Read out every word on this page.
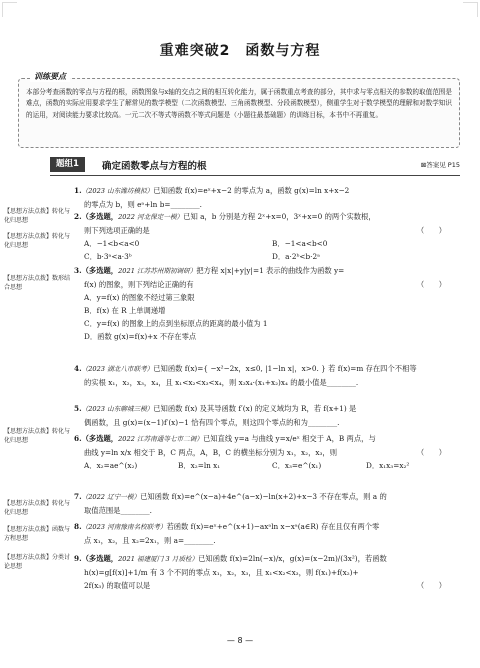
重难突破2　函数与方程
训练要点
本部分考查函数的零点与方程的根，函数图象与x轴的交点之间的相互转化能力，属于函数重点考查的部分，其中求与零点相关的参数的取值范围是难点，函数的实际应用要求学生了解常见的数学模型（二次函数模型、三角函数模型、分段函数模型），侧重学生对于数学模型的理解和对数学知识的运用，对阅读能力要求比较高。一元二次不等式等函数不等式问题是（小题往最基础题）的训练目标，本书中不再重复。
题组1	确定函数零点与方程的根	⊠答案见 P15
【思想方法点拨】转化与化归思想
【思想方法点拨】转化与化归思想
【思想方法点拨】数形结合思想
【思想方法点拨】转化与化归思想
【思想方法点拨】转化与化归思想
【思想方法点拨】函数与方程思想
【思想方法点拨】分类讨论思想
1.（2023 山东潍坊模拟）已知函数 f(x)=eˣ+x−2 的零点为 a，函数 g(x)=ln x+x−2
的零点为 b，则 eᵃ+ln b=________.
2.（多选题，2022 河北保定一模）已知 a，b 分别是方程 2ˣ+x=0，3ˣ+x=0 的两个实数根，
则下列选项正确的是	（　　）
A．−1<b<a<0	B．−1<a<b<0
C．b·3ᵃ<a·3ᵇ	D．a·2ᵇ<b·2ᵃ
3.（多选题，2021 江苏苏州期初调研）把方程 x|x|+y|y|=1 表示的曲线作为函数 y=
f(x) 的图象，则下列结论正确的有	（　　）
A．y=f(x) 的图象不经过第三象限
B．f(x) 在 R 上单调递增
C．y=f(x) 的图象上的点到坐标原点的距离的最小值为 1
D．函数 g(x)=f(x)+x 不存在零点
4.（2023 湖北八市联考）已知函数 f(x)={ −x²−2x，x≤0, |1−ln x|，x>0. } 若 f(x)=m 存在四个不相等
的实根 x₁，x₂，x₃，x₄，且 x₁<x₂<x₃<x₄，则 x₃x₄·(x₁+x₂)x₄ 的最小值是________.
5.（2023 山东聊城三模）已知函数 f(x) 及其导函数 f′(x) 的定义域均为 R，若 f(x+1) 是
偶函数，且 g(x)=(x−1)f′(x)−1 恰有四个零点，则这四个零点的和为________.
6.（多选题，2022 江苏南通等七市二调）已知直线 y=a 与曲线 y=x/eˣ 相交于 A，B 两点，与
曲线 y=ln x/x 相交于 B，C 两点，A，B，C 的横坐标分别为 x₁，x₂，x₃，则	（　　）
A．x₂=ae^(x₂)	B．x₂=ln x₁	C．x₃=e^(x₁)	D．x₁x₃=x₂²
7.（2022 辽宁一模）已知函数 f(x)=e^(x−a)+4e^(a−x)−ln(x+2)+x−3 不存在零点，则 a 的
取值范围是________.
8.（2023 河南豫南名校联考）若函数 f(x)=eˣ+e^(x+1)−axᵃln x−xᵃ(a∈R) 存在且仅有两个零
点 x₁，x₂，且 x₂=2x₁，则 a=________.
9.（多选题，2021 福建厦门 3 月质检）已知函数 f(x)=2ln(−x)/x，g(x)=(x−2m)/(3x²)，若函数
h(x)=g[f(x)]+1/m 有 3 个不同的零点 x₁，x₂，x₃，且 x₁<x₂<x₃，则 f(x₁)+f(x₂)+
2f(x₃) 的取值可以是	（　　）
— 8 —
